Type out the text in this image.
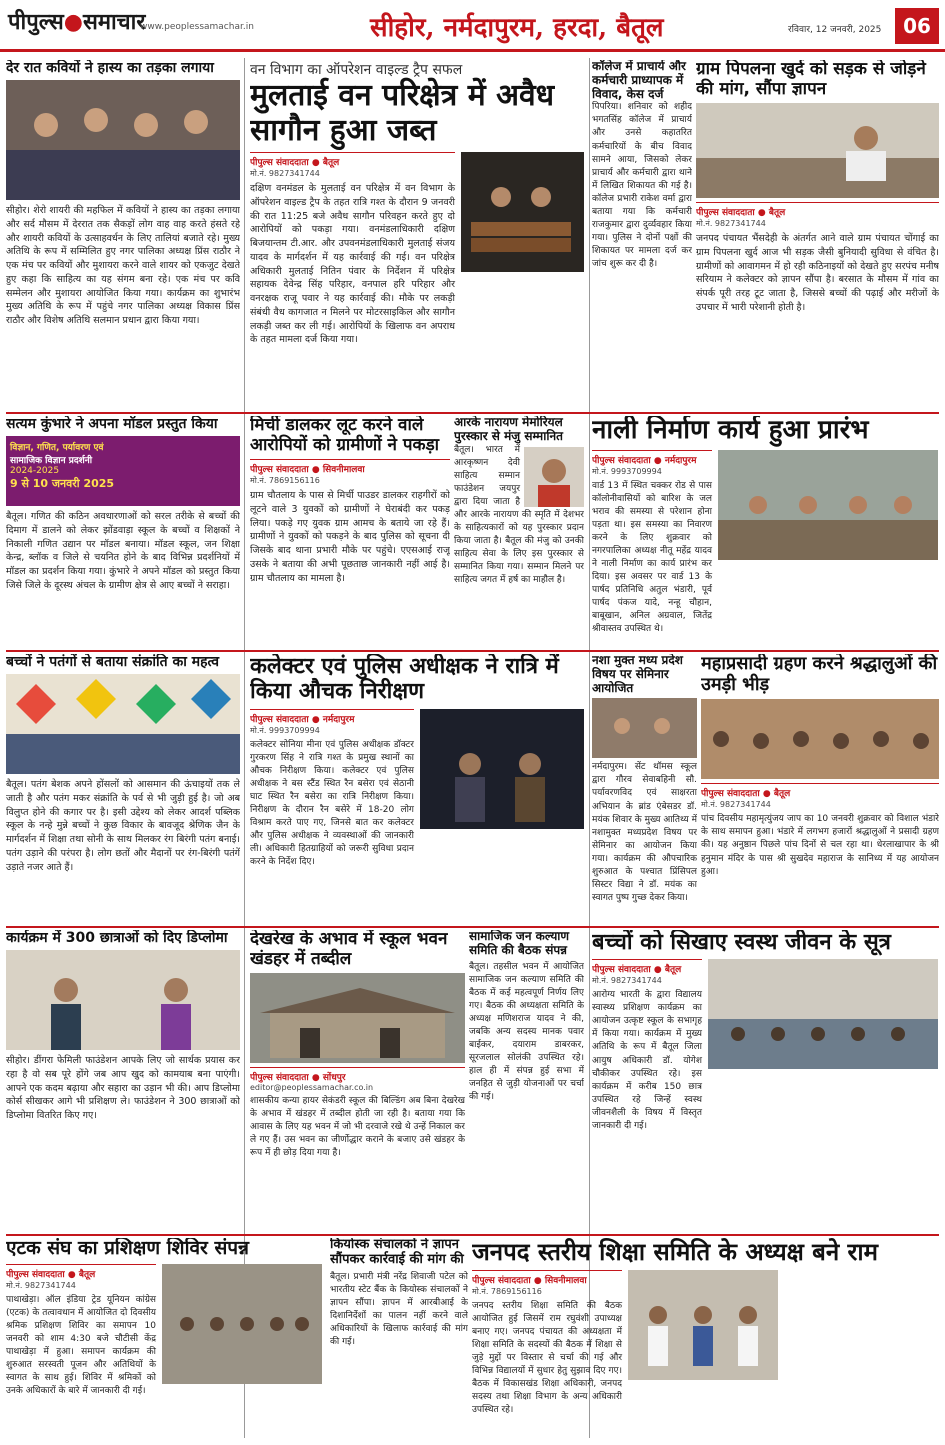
पीपुल्स●समाचार
www.peoplessamachar.in	सीहोर, नर्मदापुरम, हरदा, बैतूल	रविवार, 12 जनवरी, 2025	06
देर रात कवियों ने हास्य का तड़का लगाया
सीहोर। शेरो शायरी की महफिल में कवियों ने हास्य का तड़का लगाया और सर्द मौसम में देररात तक सैकड़ों लोग वाह वाह करते हंसते रहे और शायरी कवियों के उत्साहवर्धन के लिए तालियां बजाते रहे। मुख्य अतिथि के रूप में सम्मिलित हुए नगर पालिका अध्यक्ष प्रिंस राठौर ने एक मंच पर कवियों और मुशायरा करने वाले शायर को एकजुट देखते हुए कहा कि साहित्य का यह संगम बना रहे। एक मंच पर कवि सम्मेलन और मुशायरा आयोजित किया गया। कार्यक्रम का शुभारंभ मुख्य अतिथि के रूप में पहुंचे नगर पालिका अध्यक्ष विकास प्रिंस राठौर और विशेष अतिथि सलमान प्रधान द्वारा किया गया।
वन विभाग का ऑपरेशन वाइल्ड ट्रैप सफल
मुलताई वन परिक्षेत्र में अवैध सागौन हुआ जब्त
पीपुल्स संवाददाता ● बैतूल
मो.नं. 9827341744
दक्षिण वनमंडल के मुलताई वन परिक्षेत्र में वन विभाग के ऑपरेशन वाइल्ड ट्रैप के तहत रात्रि गश्त के दौरान 9 जनवरी की रात 11:25 बजे अवैध सागौन परिवहन करते हुए दो आरोपियों को पकड़ा गया। वनमंडलाधिकारी दक्षिण बिजयान्तम टी.आर. और उपवनमंडलाधिकारी मुलताई संजय यादव के मार्गदर्शन में यह कार्रवाई की गई। वन परिक्षेत्र अधिकारी मुलताई नितिन पंवार के निर्देशन में परिक्षेत्र सहायक देवेन्द्र सिंह परिहार, वनपाल हरि परिहार और वनरक्षक राजू पवार ने यह कार्रवाई की। मौके पर लकड़ी संबंधी वैध कागजात न मिलने पर मोटरसाइकिल और सागौन लकड़ी जब्त कर ली गई। आरोपियों के खिलाफ वन अपराध के तहत मामला दर्ज किया गया।
कॉलेज में प्राचार्य और कर्मचारी प्राध्यापक में विवाद, केस दर्ज
पिपरिया। शनिवार को शहीद भगतसिंह कॉलेज में प्राचार्य और उनसे कहातरित कर्मचारियों के बीच विवाद सामने आया, जिसको लेकर प्राचार्य और कर्मचारी द्वारा थाने में लिखित शिकायत की गई है। कॉलेज प्रभारी राकेश वर्मा द्वारा बताया गया कि कर्मचारी राजकुमार द्वारा दुर्व्यवहार किया गया। पुलिस ने दोनों पक्षों की शिकायत पर मामला दर्ज कर जांच शुरू कर दी है।
ग्राम पिपलना खुर्द को सड़क से जोड़ने की मांग, सौंपा ज्ञापन
पीपुल्स संवाददाता ● बैतूल
मो.नं. 9827341744
जनपद पंचायत भैंसदेही के अंतर्गत आने वाले ग्राम पंचायत चोंगाई का ग्राम पिपलना खुर्द आज भी सड़क जैसी बुनियादी सुविधा से वंचित है। ग्रामीणों को आवागमन में हो रही कठिनाइयों को देखते हुए सरपंच मनीष सरियाम ने कलेक्टर को ज्ञापन सौंपा है। बरसात के मौसम में गांव का संपर्क पूरी तरह टूट जाता है, जिससे बच्चों की पढ़ाई और मरीजों के उपचार में भारी परेशानी होती है।
सत्यम कुंभारे ने अपना मॉडल प्रस्तुत किया
विज्ञान, गणित, पर्यावरण एवं
सामाजिक विज्ञान प्रदर्शनी
2024-2025
9 से 10 जनवरी 2025
बैतूल। गणित की कठिन अवधारणाओं को सरल तरीके से बच्चों की दिमाग में डालने को लेकर झोंडवाड़ा स्कूल के बच्चों व शिक्षकों ने निकाली गणित उद्यान पर मॉडल बनाया। मॉडल स्कूल, जन शिक्षा केन्द्र, ब्लॉक व जिले से चयनित होने के बाद विभिन्न प्रदर्शनियों में मॉडल का प्रदर्शन किया गया। कुंभारे ने अपने मॉडल को प्रस्तुत किया जिसे जिले के दूरस्थ अंचल के ग्रामीण क्षेत्र से आए बच्चों ने सराहा।
मिर्ची डालकर लूट करने वाले आरोपियों को ग्रामीणों ने पकड़ा
पीपुल्स संवाददाता ● सिवनीमालवा
मो.नं. 7869156116
ग्राम चौतलाय के पास से मिर्ची पाउडर डालकर राहगीरों को लूटने वाले 3 युवकों को ग्रामीणों ने घेराबंदी कर पकड़ लिया। पकड़े गए युवक ग्राम आमच के बताये जा रहे हैं। ग्रामीणों ने युवकों को पकड़ने के बाद पुलिस को सूचना दी जिसके बाद थाना प्रभारी मौके पर पहुंचे। एएसआई राजू उसके ने बताया की अभी पूछताछ जानकारी नहीं आई है। ग्राम चौतलाय का मामला है।
आरके नारायण मेमोरियल पुरस्कार से मंजु सम्मानित
बैतूल। भारत में आरकृष्णन देवी साहित्य सम्मान फाउंडेशन जयपुर द्वारा दिया जाता है और आरके नारायण की स्मृति में देशभर के साहित्यकारों को यह पुरस्कार प्रदान किया जाता है। बैतूल की मंजु को उनकी साहित्य सेवा के लिए इस पुरस्कार से सम्मानित किया गया। सम्मान मिलने पर साहित्य जगत में हर्ष का माहौल है।
नाली निर्माण कार्य हुआ प्रारंभ
पीपुल्स संवाददाता ● नर्मदापुरम
मो.नं. 9993709994
वार्ड 13 में स्थित चक्कर रोड से पास कॉलोनीवासियों को बारिश के जल भराव की समस्या से परेशान होना पड़ता था। इस समस्या का निवारण करने के लिए शुक्रवार को नगरपालिका अध्यक्ष नीतू महेंद्र यादव ने नाली निर्माण का कार्य प्रारंभ कर दिया। इस अवसर पर वार्ड 13 के पार्षद प्रतिनिधि अतुल भंडारी, पूर्व पार्षद पंकज यादे, नन्हू चौहान, बाबूखान, अनिल अग्रवाल, जितेंद्र श्रीवास्तव उपस्थित थे।
बच्चों ने पतंगों से बताया संक्रांति का महत्व
बैतूल। पतंग बेशक अपने होंसलों को आसमान की ऊंचाइयों तक ले जाती है और पतंग मकर संक्रांति के पर्व से भी जुड़ी हुई है। जो अब विलुप्त होने की कगार पर है। इसी उद्देश्य को लेकर आदर्श पब्लिक स्कूल के नन्हे मुन्ने बच्चों ने कुछ विकार के बावजूद श्रेणिक जैन के मार्गदर्शन में शिक्षा तथा सोनी के साथ मिलकर रंग बिरंगी पतंग बनाई। पतंग उड़ाने की परंपरा है। लोग छतों और मैदानों पर रंग-बिरंगी पतंगें उड़ाते नजर आते हैं।
कलेक्टर एवं पुलिस अधीक्षक ने रात्रि में किया औचक निरीक्षण
पीपुल्स संवाददाता ● नर्मदापुरम
मो.नं. 9993709994
कलेक्टर सोनिया मीना एवं पुलिस अधीक्षक डॉक्टर गुरकरण सिंह ने रात्रि गश्त के प्रमुख स्थानों का औचक निरीक्षण किया। कलेक्टर एवं पुलिस अधीक्षक ने बस स्टैंड स्थित रैन बसेरा एवं सेठानी घाट स्थित रैन बसेरा का रात्रि निरीक्षण किया। निरीक्षण के दौरान रैन बसेरे में 18-20 लोग विश्राम करते पाए गए, जिनसे बात कर कलेक्टर और पुलिस अधीक्षक ने व्यवस्थाओं की जानकारी ली। अधिकारी हितग्राहियों को जरूरी सुविधा प्रदान करने के निर्देश दिए।
नशा मुक्त मध्य प्रदेश विषय पर सेमिनार आयोजित
नर्मदापुरम। सेंट थॉमस स्कूल द्वारा गौरव सेवाबहिनी सौ. पर्यावरणविद एवं साक्षरता अभियान के ब्रांड एंबेसडर डॉ. मयंक शिवार के मुख्य आतिथ्य में नशामुक्त मध्यप्रदेश विषय पर सेमिनार का आयोजन किया गया। कार्यक्रम की औपचारिक शुरुआत के पश्चात प्रिंसिपल सिस्टर विद्या ने डॉ. मयंक का स्वागत पुष्प गुच्छ देकर किया।
महाप्रसादी ग्रहण करने श्रद्धालुओं की उमड़ी भीड़
पीपुल्स संवाददाता ● बैतूल
मो.नं. 9827341744
पांच दिवसीय महामृत्युंजय जाप का 10 जनवरी शुक्रवार को विशाल भंडारे के साथ समापन हुआ। भंडारे में लगभग हजारों श्रद्धालुओं ने प्रसादी ग्रहण की। यह अनुष्ठान पिछले पांच दिनों से चल रहा था। धेरलाखापार के श्री हनुमान मंदिर के पास श्री सुखदेव महाराज के सानिध्य में यह आयोजन हुआ।
कार्यक्रम में 300 छात्राओं को दिए डिप्लोमा
सीहोर। डींगरा फेमिली फाउंडेशन आपके लिए जो सार्थक प्रयास कर रहा है वो सब पूरे होंगे जब आप खुद को कामयाब बना पाएंगी। आपने एक कदम बढ़ाया और सहारा का उड़ान भी की। आप डिप्लोमा कोर्स सीखकर आगे भी प्रशिक्षण ले। फाउंडेशन ने 300 छात्राओं को डिप्लोमा वितरित किए गए।
देखरेख के अभाव में स्कूल भवन खंडहर में तब्दील
पीपुल्स संवाददाता ● सोंधपुर
editor@peoplessamachar.co.in
शासकीय कन्या हायर सेकंडरी स्कूल की बिल्डिंग अब बिना देखरेख के अभाव में खंडहर में तब्दील होती जा रही है। बताया गया कि आवास के लिए यह भवन में जो भी दरवाजे रखे थे उन्हें निकाल कर ले गए हैं। उस भवन का जीर्णोद्धार कराने के बजाए उसे खंडहर के रूप में ही छोड़ दिया गया है।
सामाजिक जन कल्याण समिति की बैठक संपन्न
बैतूल। तहसील भवन में आयोजित सामाजिक जन कल्याण समिति की बैठक में कई महत्वपूर्ण निर्णय लिए गए। बैठक की अध्यक्षता समिति के अध्यक्ष मणिशराज यादव ने की, जबकि अन्य सदस्य मानक पवार बाईकर, दयाराम डाबरकर, सूरजलाल सोलंकी उपस्थित रहे। हाल ही में संपन्न हुई सभा में जनहित से जुड़ी योजनाओं पर चर्चा की गई।
बच्चों को सिखाए स्वस्थ जीवन के सूत्र
पीपुल्स संवाददाता ● बैतूल
मो.नं. 9827341744
आरोग्य भारती के द्वारा विद्यालय स्वास्थ्य प्रशिक्षण कार्यक्रम का आयोजन उत्कृष्ट स्कूल के सभागृह में किया गया। कार्यक्रम में मुख्य अतिथि के रूप में बैतूल जिला आयुष अधिकारी डॉ. योगेश चौकीकर उपस्थित रहे। इस कार्यक्रम में करीब 150 छात्र उपस्थित रहे जिन्हें स्वस्थ जीवनशैली के विषय में विस्तृत जानकारी दी गई।
एटक संघ का प्रशिक्षण शिविर संपन्न
पीपुल्स संवाददाता ● बैतूल
मो.नं. 9827341744
पाथाखेड़ा। ऑल इंडिया ट्रेड यूनियन कांग्रेस (एटक) के तत्वावधान में आयोजित दो दिवसीय श्रमिक प्रशिक्षण शिविर का समापन 10 जनवरी को शाम 4:30 बजे चौटीसी केंद्र पाथाखेड़ा में हुआ। समापन कार्यक्रम की शुरुआत सरस्वती पूजन और अतिथियों के स्वागत के साथ हुई। शिविर में श्रमिकों को उनके अधिकारों के बारे में जानकारी दी गई।
कियोस्क संचालकों ने ज्ञापन सौंपकर कार्रवाई की मांग की
बैतूल। प्रभारी मंत्री नरेंद्र शिवाजी पटेल को भारतीय स्टेट बैंक के कियोस्क संचालकों ने ज्ञापन सौंपा। ज्ञापन में आरबीआई के दिशानिर्देशों का पालन नहीं करने वाले अधिकारियों के खिलाफ कार्रवाई की मांग की गई।
जनपद स्तरीय शिक्षा समिति के अध्यक्ष बने राम
पीपुल्स संवाददाता ● सिवनीमालवा
मो.नं. 7869156116
जनपद स्तरीय शिक्षा समिति की बैठक आयोजित हुई जिसमें राम रघुवंशी उपाध्यक्ष बनाए गए। जनपद पंचायत की अध्यक्षता में शिक्षा समिति के सदस्यों की बैठक में शिक्षा से जुड़े मुद्दों पर विस्तार से चर्चा की गई और विभिन्न विद्यालयों में सुधार हेतु सुझाव दिए गए। बैठक में विकासखंड शिक्षा अधिकारी, जनपद सदस्य तथा शिक्षा विभाग के अन्य अधिकारी उपस्थित रहे।
